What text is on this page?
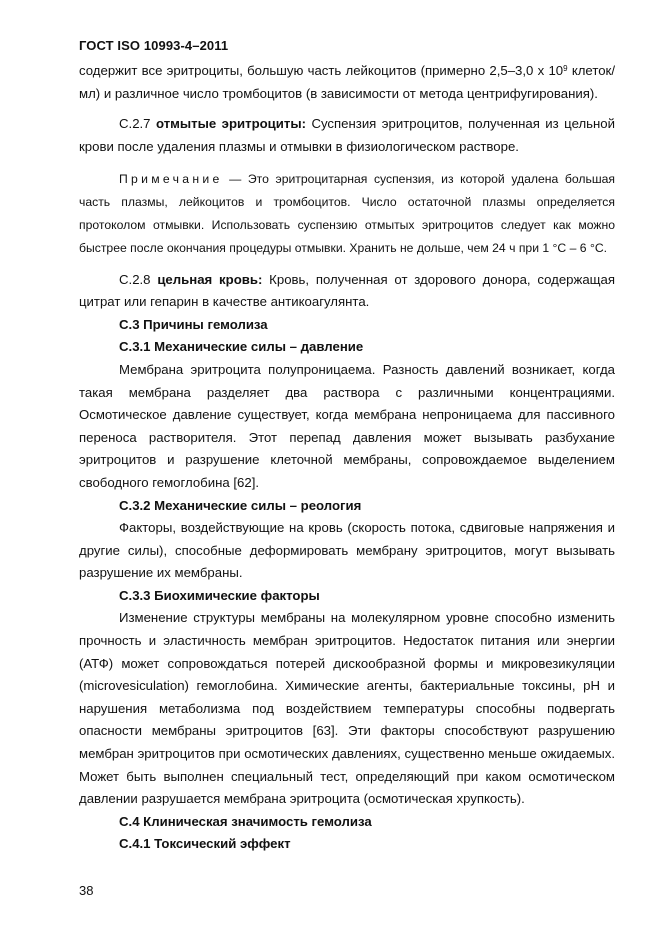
ГОСТ ISO 10993-4–2011

содержит все эритроциты, большую часть лейкоцитов (примерно 2,5–3,0 x $10^9$ клеток/мл) и различное число тромбоцитов (в зависимости от метода центрифугирования).

С.2.7 отмытые эритроциты: Суспензия эритроцитов, полученная из цельной крови после удаления плазмы и отмывки в физиологическом растворе.

Примечание — Это эритроцитарная суспензия, из которой удалена большая часть плазмы, лейкоцитов и тромбоцитов. Число остаточной плазмы определяется протоколом отмывки. Использовать суспензию отмытых эритроцитов следует как можно быстрее после окончания процедуры отмывки. Хранить не дольше, чем 24 ч при 1 °C – 6 °C.

С.2.8 цельная кровь: Кровь, полученная от здорового донора, содержащая цитрат или гепарин в качестве антикоагулянта.

С.3 Причины гемолиза

С.3.1 Механические силы – давление

Мембрана эритроцита полупроницаема. Разность давлений возникает, когда такая мембрана разделяет два раствора с различными концентрациями. Осмотическое давление существует, когда мембрана непроницаема для пассивного переноса растворителя. Этот перепад давления может вызывать разбухание эритроцитов и разрушение клеточной мембраны, сопровождаемое выделением свободного гемоглобина [62].

С.3.2 Механические силы – реология

Факторы, воздействующие на кровь (скорость потока, сдвиговые напряжения и другие силы), способные деформировать мембрану эритроцитов, могут вызывать разрушение их мембраны.

С.3.3 Биохимические факторы

Изменение структуры мембраны на молекулярном уровне способно изменить прочность и эластичность мембран эритроцитов. Недостаток питания или энергии (АТФ) может сопровождаться потерей дискообразной формы и микровезикуляции (microvesiculation) гемоглобина. Химические агенты, бактериальные токсины, pH и нарушения метаболизма под воздействием температуры способны подвергать опасности мембраны эритроцитов [63]. Эти факторы способствуют разрушению мембран эритроцитов при осмотических давлениях, существенно меньше ожидаемых. Может быть выполнен специальный тест, определяющий при каком осмотическом давлении разрушается мембрана эритроцита (осмотическая хрупкость).

С.4 Клиническая значимость гемолиза

С.4.1 Токсический эффект

38
